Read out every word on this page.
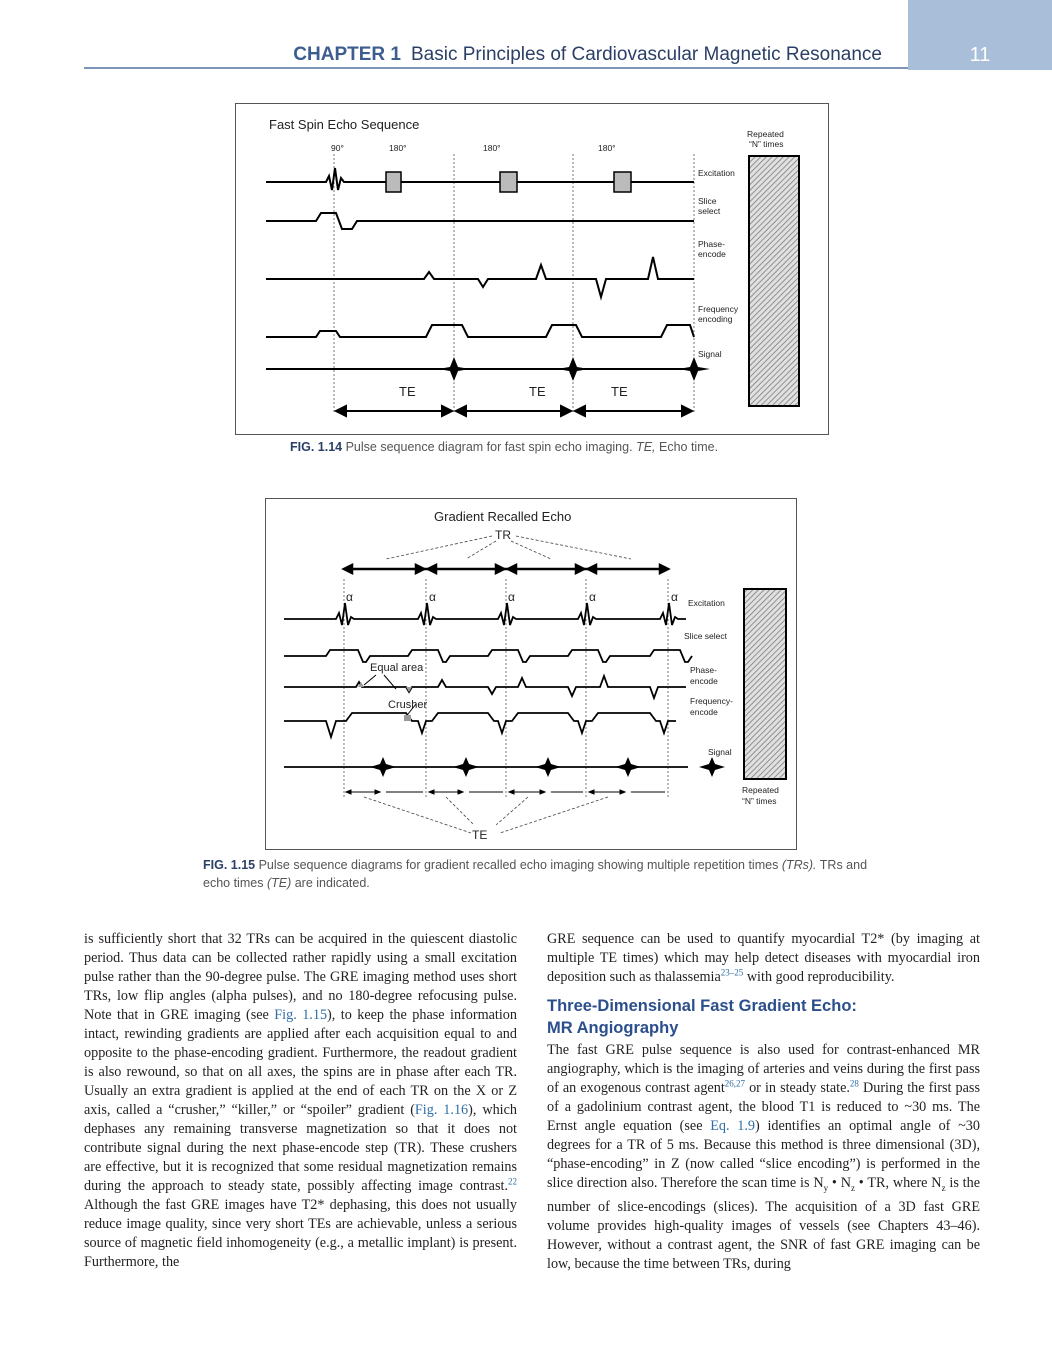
CHAPTER 1 Basic Principles of Cardiovascular Magnetic Resonance	11
Fast Spin Echo Sequence
90°	180°	180°	180°
Repeated
“N” times
Excitation
Slice
select
Phase-
encode
Frequency
encoding
Signal
TE	TE	TE
FIG. 1.14 Pulse sequence diagram for fast spin echo imaging. TE, Echo time.
Gradient Recalled Echo
TR
α	α	α	α	α Excitation
Slice select
Phase-
encode
Frequency-
encode
Signal
Repeated
“N” times
Equal area
Crusher
TE
FIG. 1.15 Pulse sequence diagrams for gradient recalled echo imaging showing multiple repetition times (TRs). TRs and echo times (TE) are indicated.

is sufficiently short that 32 TRs can be acquired in the quiescent diastolic period. Thus data can be collected rather rapidly using a small excitation pulse rather than the 90-degree pulse. The GRE imaging method uses short TRs, low flip angles (alpha pulses), and no 180-degree refocusing pulse. Note that in GRE imaging (see Fig. 1.15), to keep the phase information intact, rewinding gradients are applied after each acquisition equal to and opposite to the phase-encoding gradient. Furthermore, the readout gradient is also rewound, so that on all axes, the spins are in phase after each TR. Usually an extra gradient is applied at the end of each TR on the X or Z axis, called a “crusher,” “killer,” or “spoiler” gradient (Fig. 1.16), which dephases any remaining transverse magnetization so that it does not contribute signal during the next phase-encode step (TR). These crushers are effective, but it is recognized that some residual magnetization remains during the approach to steady state, possibly affecting image contrast.$^{22}$ Although the fast GRE images have T2* dephasing, this does not usually reduce image quality, since very short TEs are achievable, unless a serious source of magnetic field inhomogeneity (e.g., a metallic implant) is present. Furthermore, the

GRE sequence can be used to quantify myocardial T2* (by imaging at multiple TE times) which may help detect diseases with myocardial iron deposition such as thalassemia$^{23-25}$ with good reproducibility.

Three-Dimensional Fast Gradient Echo:
MR Angiography

The fast GRE pulse sequence is also used for contrast-enhanced MR angiography, which is the imaging of arteries and veins during the first pass of an exogenous contrast agent$^{26,27}$ or in steady state.$^{28}$ During the first pass of a gadolinium contrast agent, the blood T1 is reduced to ~30 ms. The Ernst angle equation (see Eq. 1.9) identifies an optimal angle of ~30 degrees for a TR of 5 ms. Because this method is three dimensional (3D), “phase-encoding” in Z (now called “slice encoding”) is performed in the slice direction also. Therefore the scan time is $N_y$ • $N_z$ • TR, where $N_z$ is the number of slice-encodings (slices). The acquisition of a 3D fast GRE volume provides high-quality images of vessels (see Chapters 43–46). However, without a contrast agent, the SNR of fast GRE imaging can be low, because the time between TRs, during
